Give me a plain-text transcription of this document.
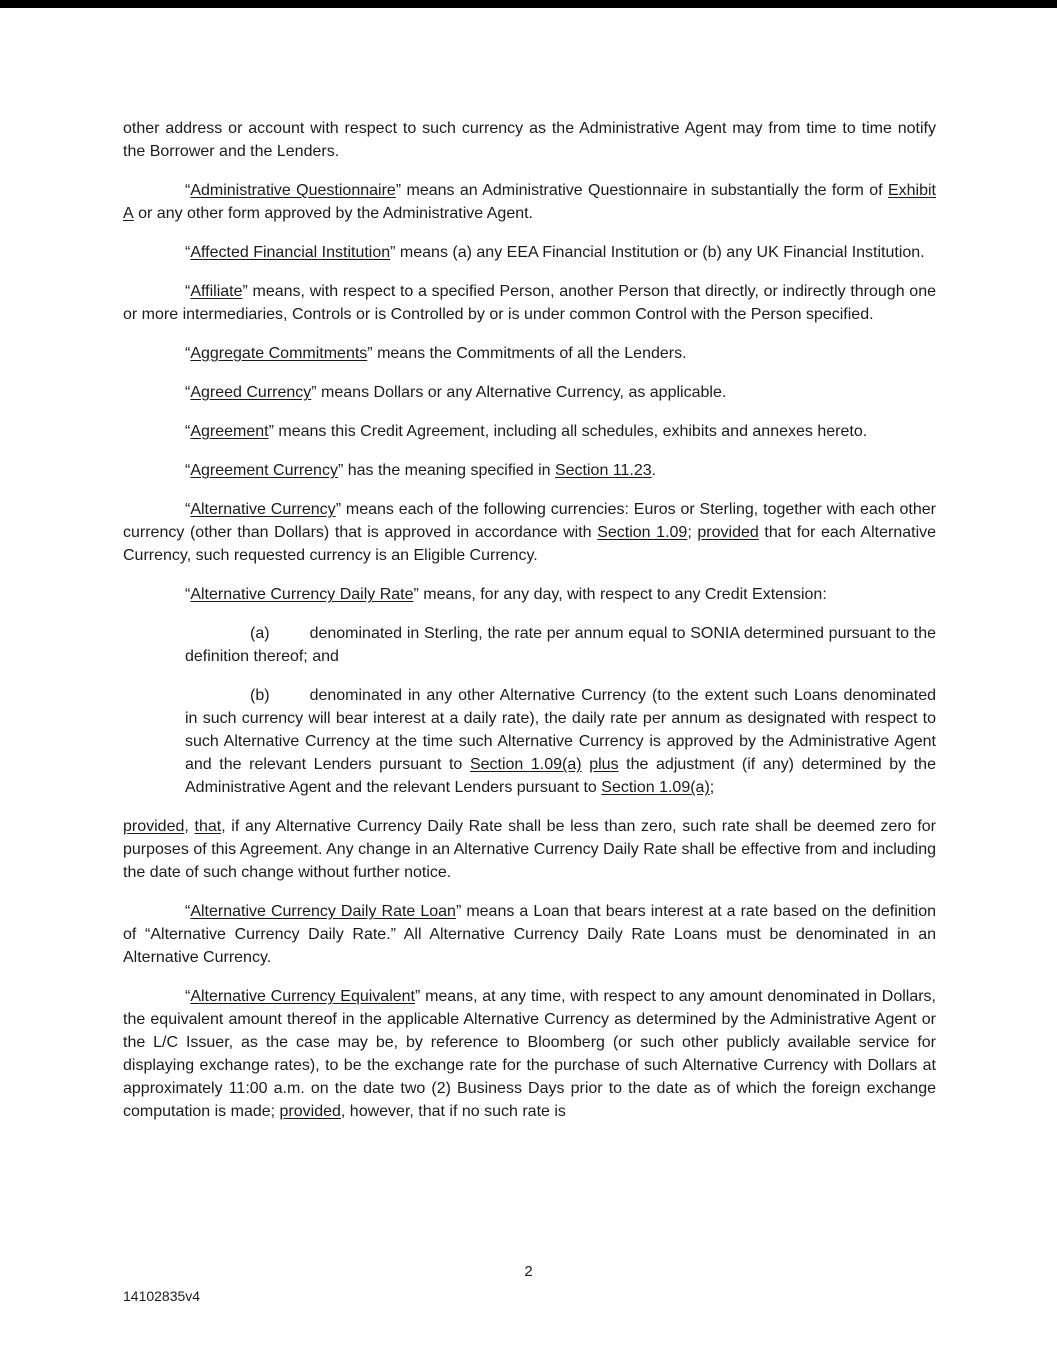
other address or account with respect to such currency as the Administrative Agent may from time to time notify the Borrower and the Lenders.

“Administrative Questionnaire” means an Administrative Questionnaire in substantially the form of Exhibit A or any other form approved by the Administrative Agent.

“Affected Financial Institution” means (a) any EEA Financial Institution or (b) any UK Financial Institution.

“Affiliate” means, with respect to a specified Person, another Person that directly, or indirectly through one or more intermediaries, Controls or is Controlled by or is under common Control with the Person specified.

“Aggregate Commitments” means the Commitments of all the Lenders.

“Agreed Currency” means Dollars or any Alternative Currency, as applicable.

“Agreement” means this Credit Agreement, including all schedules, exhibits and annexes hereto.

“Agreement Currency” has the meaning specified in Section 11.23.

“Alternative Currency” means each of the following currencies: Euros or Sterling, together with each other currency (other than Dollars) that is approved in accordance with Section 1.09; provided that for each Alternative Currency, such requested currency is an Eligible Currency.

“Alternative Currency Daily Rate” means, for any day, with respect to any Credit Extension:

(a)	denominated in Sterling, the rate per annum equal to SONIA determined pursuant to the definition thereof; and

(b)	denominated in any other Alternative Currency (to the extent such Loans denominated in such currency will bear interest at a daily rate), the daily rate per annum as designated with respect to such Alternative Currency at the time such Alternative Currency is approved by the Administrative Agent and the relevant Lenders pursuant to Section 1.09(a) plus the adjustment (if any) determined by the Administrative Agent and the relevant Lenders pursuant to Section 1.09(a);

provided, that, if any Alternative Currency Daily Rate shall be less than zero, such rate shall be deemed zero for purposes of this Agreement. Any change in an Alternative Currency Daily Rate shall be effective from and including the date of such change without further notice.

“Alternative Currency Daily Rate Loan” means a Loan that bears interest at a rate based on the definition of “Alternative Currency Daily Rate.” All Alternative Currency Daily Rate Loans must be denominated in an Alternative Currency.

“Alternative Currency Equivalent” means, at any time, with respect to any amount denominated in Dollars, the equivalent amount thereof in the applicable Alternative Currency as determined by the Administrative Agent or the L/C Issuer, as the case may be, by reference to Bloomberg (or such other publicly available service for displaying exchange rates), to be the exchange rate for the purchase of such Alternative Currency with Dollars at approximately 11:00 a.m. on the date two (2) Business Days prior to the date as of which the foreign exchange computation is made; provided, however, that if no such rate is

2
14102835v4
